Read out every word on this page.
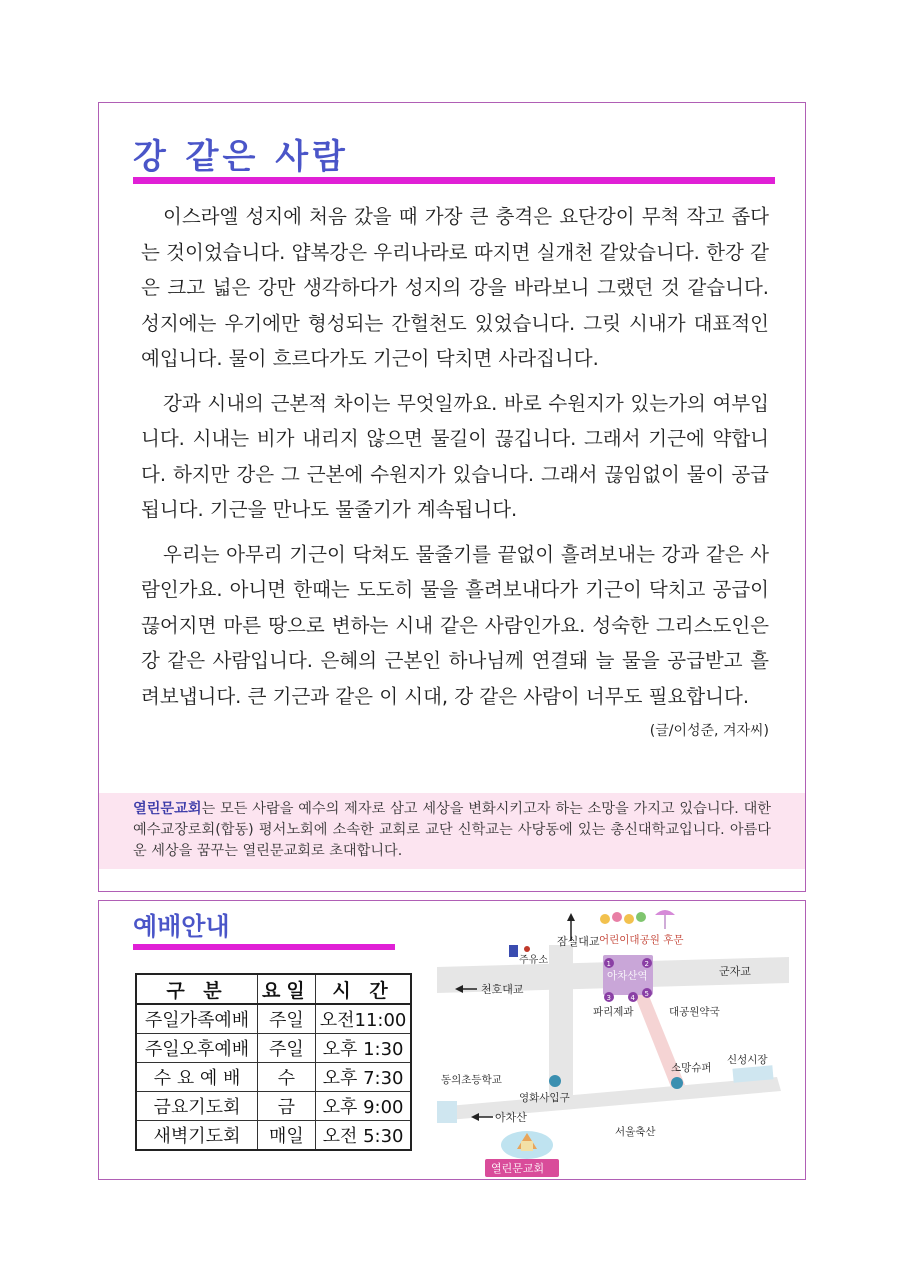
강 같은 사람

이스라엘 성지에 처음 갔을 때 가장 큰 충격은 요단강이 무척 작고 좁다는 것이었습니다. 얍복강은 우리나라로 따지면 실개천 같았습니다. 한강 같은 크고 넓은 강만 생각하다가 성지의 강을 바라보니 그랬던 것 같습니다. 성지에는 우기에만 형성되는 간헐천도 있었습니다. 그릿 시내가 대표적인 예입니다. 물이 흐르다가도 기근이 닥치면 사라집니다.

강과 시내의 근본적 차이는 무엇일까요. 바로 수원지가 있는가의 여부입니다. 시내는 비가 내리지 않으면 물길이 끊깁니다. 그래서 기근에 약합니다. 하지만 강은 그 근본에 수원지가 있습니다. 그래서 끊임없이 물이 공급됩니다. 기근을 만나도 물줄기가 계속됩니다.

우리는 아무리 기근이 닥쳐도 물줄기를 끝없이 흘려보내는 강과 같은 사람인가요. 아니면 한때는 도도히 물을 흘려보내다가 기근이 닥치고 공급이 끊어지면 마른 땅으로 변하는 시내 같은 사람인가요. 성숙한 그리스도인은 강 같은 사람입니다. 은혜의 근본인 하나님께 연결돼 늘 물을 공급받고 흘려보냅니다. 큰 기근과 같은 이 시대, 강 같은 사람이 너무도 필요합니다.
(글/이성준, 겨자씨)

열린문교회는 모든 사람을 예수의 제자로 삼고 세상을 변화시키고자 하는 소망을 가지고 있습니다. 대한예수교장로회(합동) 평서노회에 소속한 교회로 교단 신학교는 사당동에 있는 총신대학교입니다. 아름다운 세상을 꿈꾸는 열린문교회로 초대합니다.
예배안내
구 분	요일	시 간
주일가족예배	주일	오전11:00
주일오후예배	주일	오후 1:30
수 요 예 배	수	오후 7:30
금요기도회	금	오후 9:00
새벽기도회	매일	오전 5:30
잠실대교 어린이대공원 후문
주유소
천호대교
아차산역
1	2
3	4 5
군자교
파리제과	대공원약국
신성시장
소망슈퍼
동의초등학교
영화사입구
아차산
서울축산
열린문교회
